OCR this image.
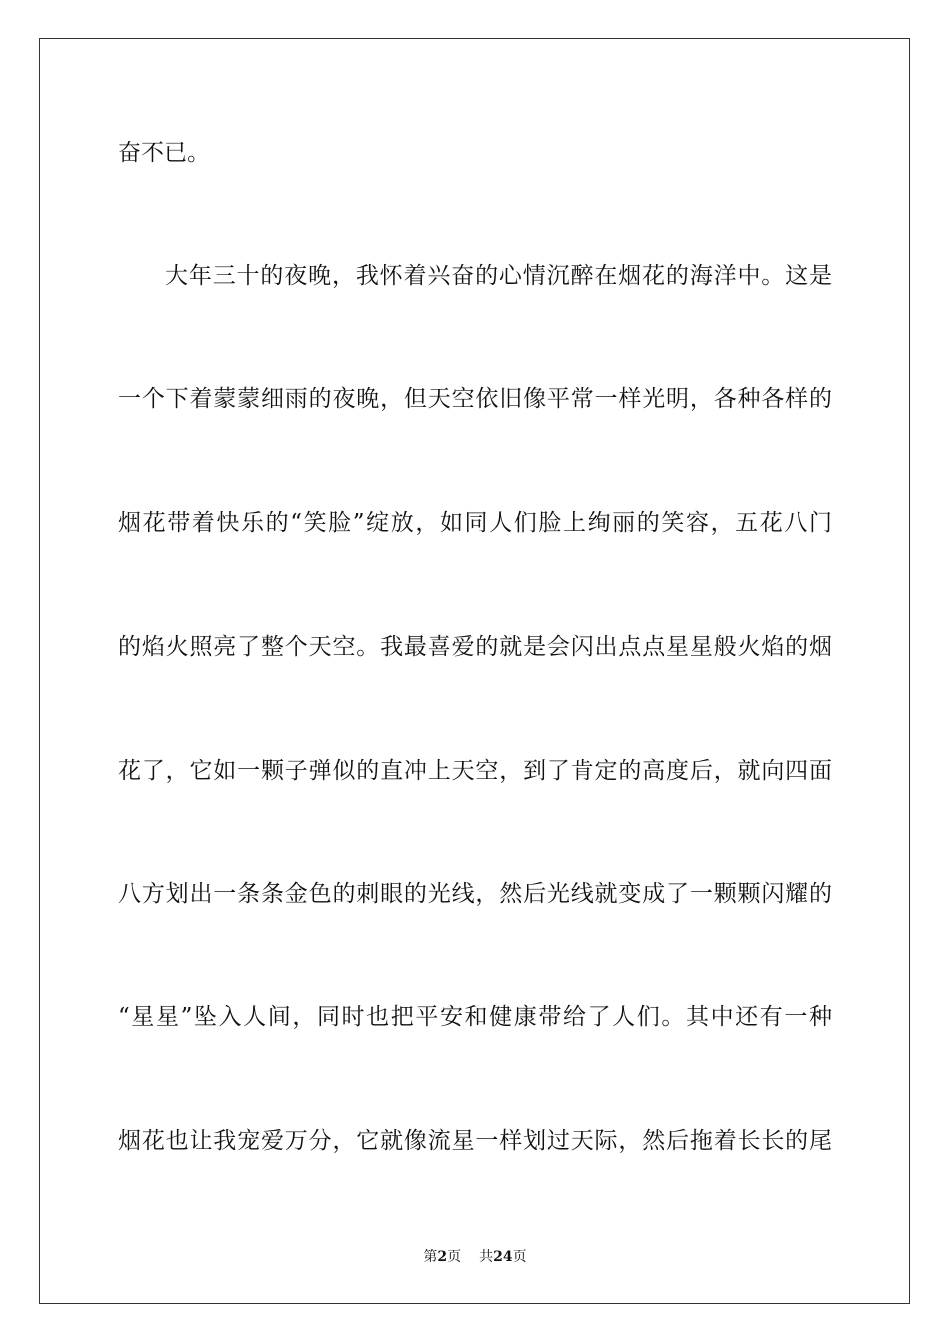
奋不已。
大年三十的夜晚，我怀着兴奋的心情沉醉在烟花的海洋中。这是
一个下着蒙蒙细雨的夜晚，但天空依旧像平常一样光明，各种各样的
烟花带着快乐的“笑脸”绽放，如同人们脸上绚丽的笑容，五花八门
的焰火照亮了整个天空。我最喜爱的就是会闪出点点星星般火焰的烟
花了，它如一颗子弹似的直冲上天空，到了肯定的高度后，就向四面
八方划出一条条金色的刺眼的光线，然后光线就变成了一颗颗闪耀的
“星星”坠入人间，同时也把平安和健康带给了人们。其中还有一种
烟花也让我宠爱万分，它就像流星一样划过天际，然后拖着长长的尾
第2页 共24页
